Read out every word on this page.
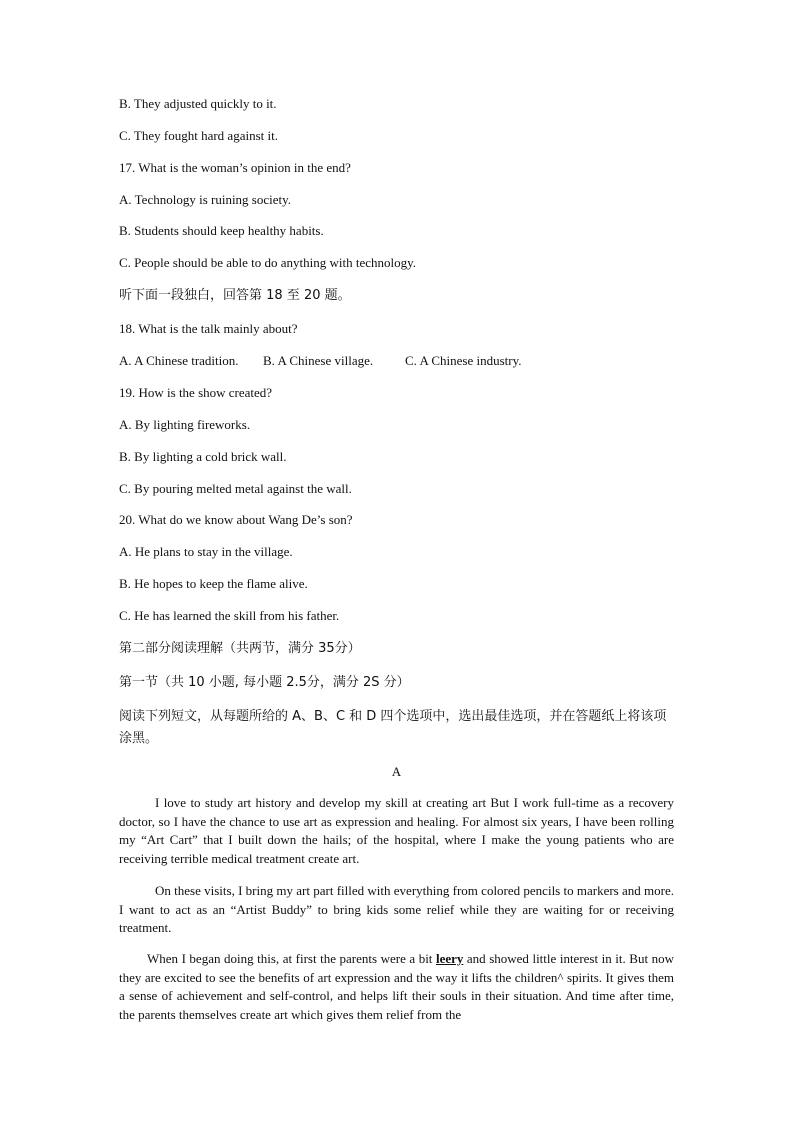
B. They adjusted quickly to it.
C. They fought hard against it.
17. What is the woman’s opinion in the end?
A. Technology is ruining society.
B. Students should keep healthy habits.
C. People should be able to do anything with technology.
听下面一段独白，回答第 18 至 20 题。
18. What is the talk mainly about?
A. A Chinese tradition. B. A Chinese village. C. A Chinese industry.
19. How is the show created?
A. By lighting fireworks.
B. By lighting a cold brick wall.
C. By pouring melted metal against the wall.
20. What do we know about Wang De’s son?
A. He plans to stay in the village.
B. He hopes to keep the flame alive.
C. He has learned the skill from his father.
第二部分阅读理解（共两节，满分 35分）
第一节（共 10 小题, 每小题 2.5分，满分 2S 分）
阅读下列短文，从每题所给的 A、B、C 和 D 四个选项中，选出最佳选项，并在答题纸上将该项涂黑。
A

I love to study art history and develop my skill at creating art But I work full-time as a recovery doctor, so I have the chance to use art as expression and healing. For almost six years, I have been rolling my “Art Cart” that I built down the hails; of the hospital, where I make the young patients who are receiving terrible medical treatment create art.

On these visits, I bring my art part filled with everything from colored pencils to markers and more. I want to act as an “Artist Buddy” to bring kids some relief while they are waiting for or receiving treatment.

When I began doing this, at first the parents were a bit leery and showed little interest in it. But now they are excited to see the benefits of art expression and the way it lifts the children^ spirits. It gives them a sense of achievement and self-control, and helps lift their souls in their situation. And time after time, the parents themselves create art which gives them relief from the
